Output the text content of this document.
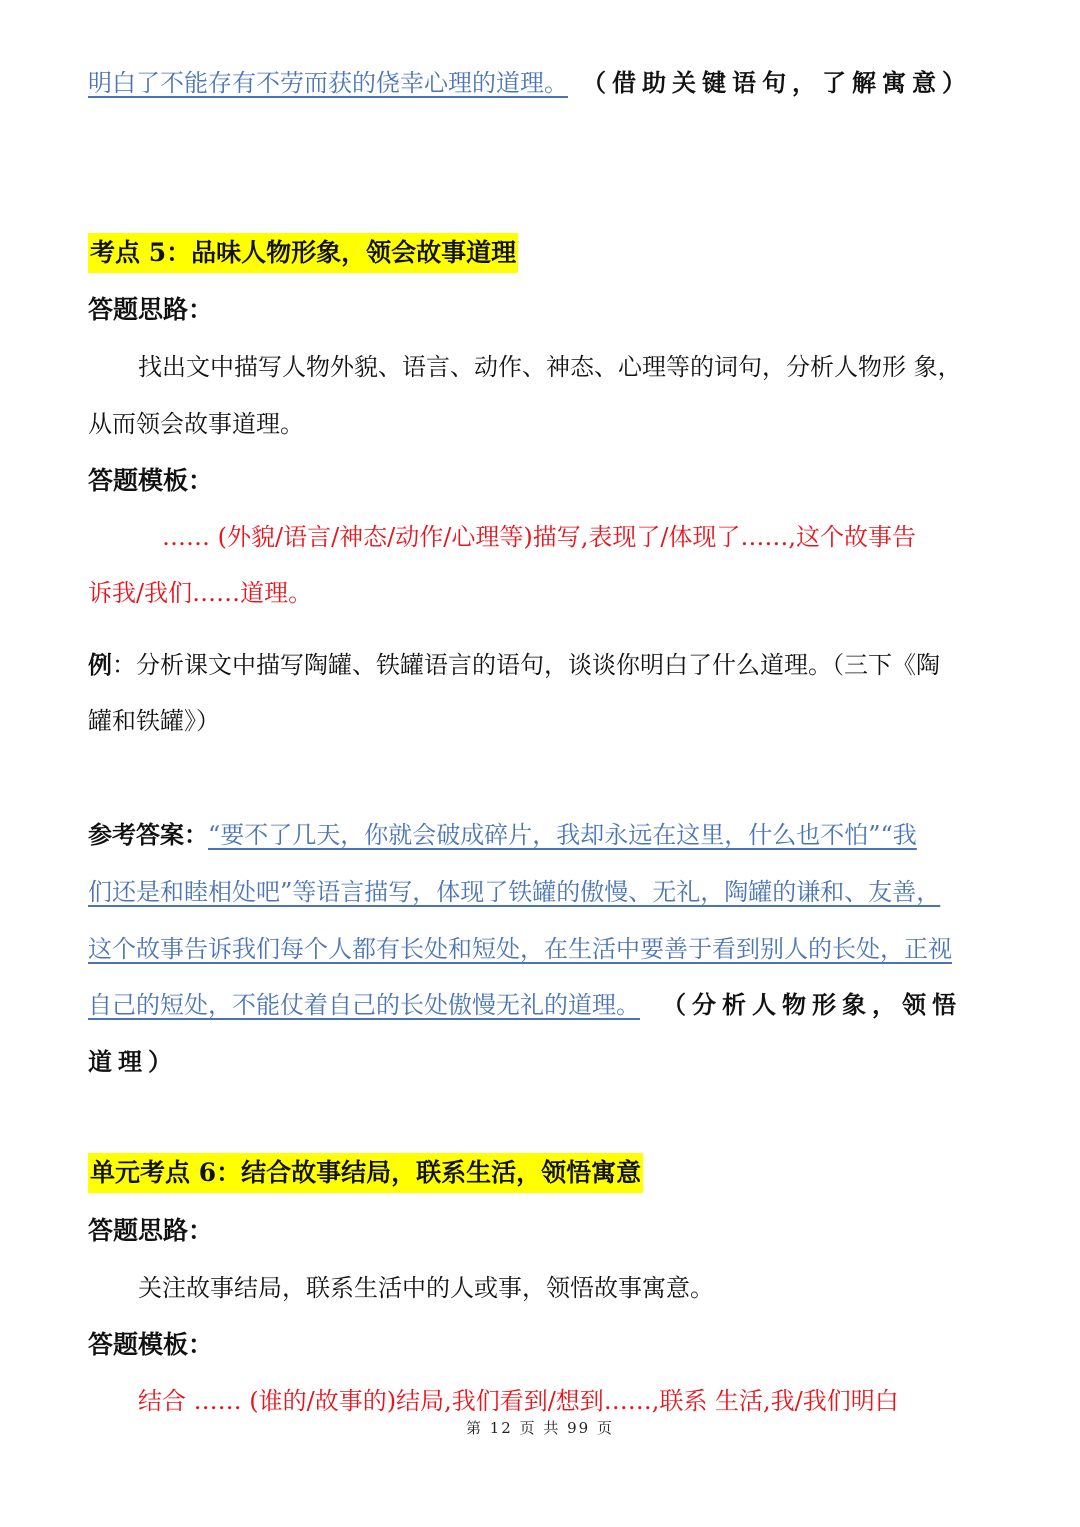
明白了不能存有不劳而获的侥幸心理的道理。 （借助关键语句，了解寓意）
考点 5：品味人物形象，领会故事道理
答题思路：
找出文中描写人物外貌、语言、动作、神态、心理等的词句，分析人物形 象，
从而领会故事道理。
答题模板：
…… (外貌/语言/神态/动作/心理等)描写,表现了/体现了……,这个故事告
诉我/我们……道理。
例：分析课文中描写陶罐、铁罐语言的语句，谈谈你明白了什么道理。（三下《陶
罐和铁罐》）
参考答案：“要不了几天，你就会破成碎片，我却永远在这里，什么也不怕”“我
们还是和睦相处吧”等语言描写，体现了铁罐的傲慢、无礼，陶罐的谦和、友善，
这个故事告诉我们每个人都有长处和短处，在生活中要善于看到别人的长处，正视
自己的短处，不能仗着自己的长处傲慢无礼的道理。 （分析人物形象，领悟
道理）
单元考点 6：结合故事结局，联系生活，领悟寓意
答题思路：
关注故事结局，联系生活中的人或事，领悟故事寓意。
答题模板：
结合 …… (谁的/故事的)结局,我们看到/想到……,联系 生活,我/我们明白
第 12 页 共 99 页
